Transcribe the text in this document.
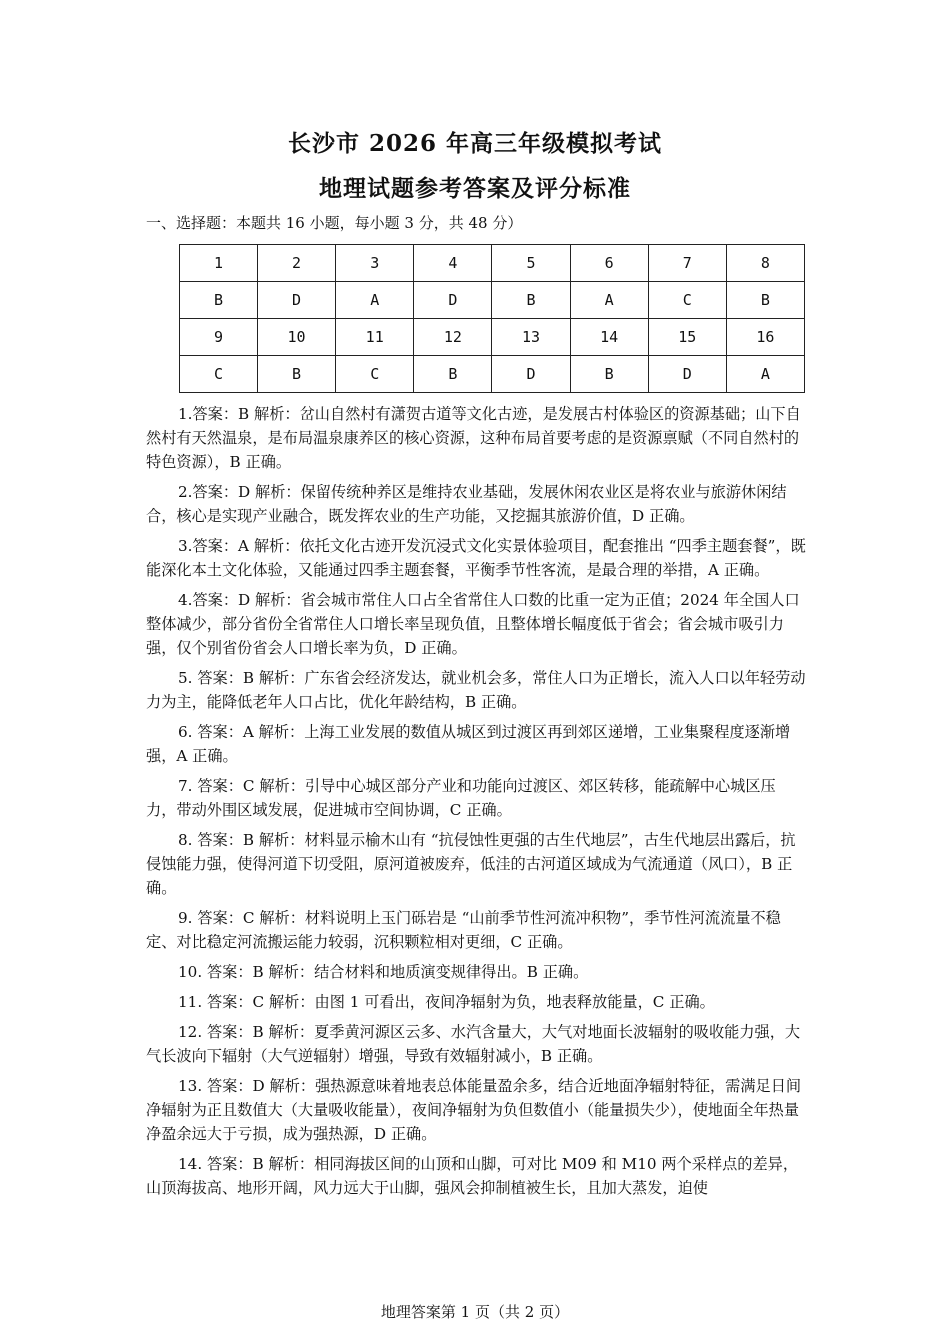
长沙市 2026 年高三年级模拟考试
地理试题参考答案及评分标准
一、选择题：本题共 16 小题，每小题 3 分，共 48 分）
1	2	3	4	5	6	7	8
B	D	A	D	B	A	C	B
9	10	11	12	13	14	15	16
C	B	C	B	D	B	D	A

1.答案：B 解析：岔山自然村有潇贺古道等文化古迹，是发展古村体验区的资源基础；山下自然村有天然温泉，是布局温泉康养区的核心资源，这种布局首要考虑的是资源禀赋（不同自然村的特色资源），B 正确。

2.答案：D 解析：保留传统种养区是维持农业基础，发展休闲农业区是将农业与旅游休闲结合，核心是实现产业融合，既发挥农业的生产功能，又挖掘其旅游价值，D 正确。

3.答案：A 解析：依托文化古迹开发沉浸式文化实景体验项目，配套推出 “四季主题套餐”，既能深化本土文化体验，又能通过四季主题套餐，平衡季节性客流，是最合理的举措，A 正确。

4.答案：D 解析：省会城市常住人口占全省常住人口数的比重一定为正值；2024 年全国人口整体减少，部分省份全省常住人口增长率呈现负值，且整体增长幅度低于省会；省会城市吸引力强，仅个别省份省会人口增长率为负，D 正确。

5. 答案：B 解析：广东省会经济发达，就业机会多，常住人口为正增长，流入人口以年轻劳动力为主，能降低老年人口占比，优化年龄结构，B 正确。

6. 答案：A 解析：上海工业发展的数值从城区到过渡区再到郊区递增，工业集聚程度逐渐增强，A 正确。

7. 答案：C 解析：引导中心城区部分产业和功能向过渡区、郊区转移，能疏解中心城区压力，带动外围区域发展，促进城市空间协调，C 正确。

8. 答案：B 解析：材料显示榆木山有 “抗侵蚀性更强的古生代地层”，古生代地层出露后，抗侵蚀能力强，使得河道下切受阻，原河道被废弃，低洼的古河道区域成为气流通道（风口），B 正确。

9. 答案：C 解析：材料说明上玉门砾岩是 “山前季节性河流冲积物”，季节性河流流量不稳定、对比稳定河流搬运能力较弱，沉积颗粒相对更细，C 正确。

10. 答案：B 解析：结合材料和地质演变规律得出。B 正确。

11. 答案：C 解析：由图 1 可看出，夜间净辐射为负，地表释放能量，C 正确。

12. 答案：B 解析：夏季黄河源区云多、水汽含量大，大气对地面长波辐射的吸收能力强，大气长波向下辐射（大气逆辐射）增强，导致有效辐射减小，B 正确。

13. 答案：D 解析：强热源意味着地表总体能量盈余多，结合近地面净辐射特征，需满足日间净辐射为正且数值大（大量吸收能量），夜间净辐射为负但数值小（能量损失少），使地面全年热量净盈余远大于亏损，成为强热源，D 正确。

14. 答案：B 解析：相同海拔区间的山顶和山脚，可对比 M09 和 M10 两个采样点的差异，山顶海拔高、地形开阔，风力远大于山脚，强风会抑制植被生长，且加大蒸发，迫使

地理答案第 1 页（共 2 页）
